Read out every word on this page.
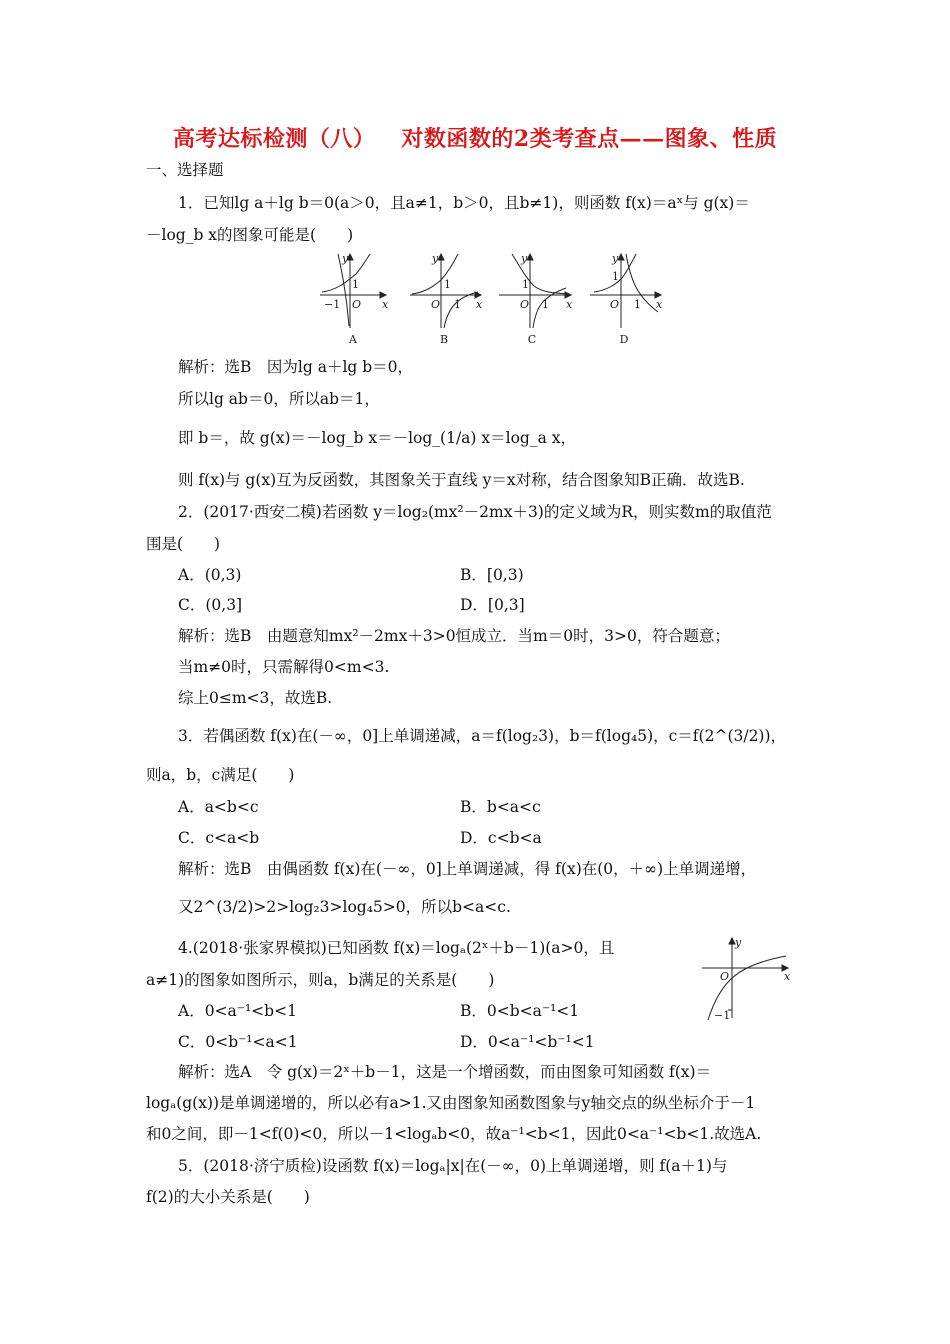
高考达标检测（八） 对数函数的2类考查点——图象、性质
一、选择题
1．已知lg a＋lg b＝0(a＞0，且a≠1，b＞0，且b≠1)，则函数 f(x)＝aˣ与 g(x)＝
－log_b x的图象可能是(　　)
y
x
O
y
x
O
y
x
O
y
x
O
−1
1	1
1
1
1
1
1
A	B	C	D
解析：选B　因为lg a＋lg b＝0，
所以lg ab＝0，所以ab＝1，
即 b＝，故 g(x)＝－log_b x＝－log_(1/a) x＝log_a x，
则 f(x)与 g(x)互为反函数，其图象关于直线 y＝x对称，结合图象知B正确．故选B.
2．(2017·西安二模)若函数 y＝log₂(mx²－2mx＋3)的定义域为R，则实数m的取值范
围是(　　)
A．(0,3)	B．[0,3)
C．(0,3]	D．[0,3]
解析：选B　由题意知mx²－2mx＋3>0恒成立．当m＝0时，3>0，符合题意；
当m≠0时，只需解得0<m<3.
综上0≤m<3，故选B.
3．若偶函数 f(x)在(－∞，0]上单调递减，a＝f(log₂3)，b＝f(log₄5)，c＝f(2^(3/2))，
则a，b，c满足(　　)
A．a<b<c	B．b<a<c
C．c<a<b	D．c<b<a
解析：选B　由偶函数 f(x)在(－∞，0]上单调递减，得 f(x)在(0，＋∞)上单调递增，
又2^(3/2)>2>log₂3>log₄5>0，所以b<a<c.
4.(2018·张家界模拟)已知函数 f(x)＝logₐ(2ˣ＋b－1)(a>0，且
a≠1)的图象如图所示，则a，b满足的关系是(　　)
A．0<a⁻¹<b<1	B．0<b<a⁻¹<1
C．0<b⁻¹<a<1	D．0<a⁻¹<b⁻¹<1
y
x
O
−1
解析：选A　令 g(x)＝2ˣ＋b－1，这是一个增函数，而由图象可知函数 f(x)＝
logₐ(g(x))是单调递增的，所以必有a>1.又由图象知函数图象与y轴交点的纵坐标介于－1
和0之间，即－1<f(0)<0，所以－1<logₐb<0，故a⁻¹<b<1，因此0<a⁻¹<b<1.故选A.
5．(2018·济宁质检)设函数 f(x)＝logₐ|x|在(－∞，0)上单调递增，则 f(a＋1)与
f(2)的大小关系是(　　)
